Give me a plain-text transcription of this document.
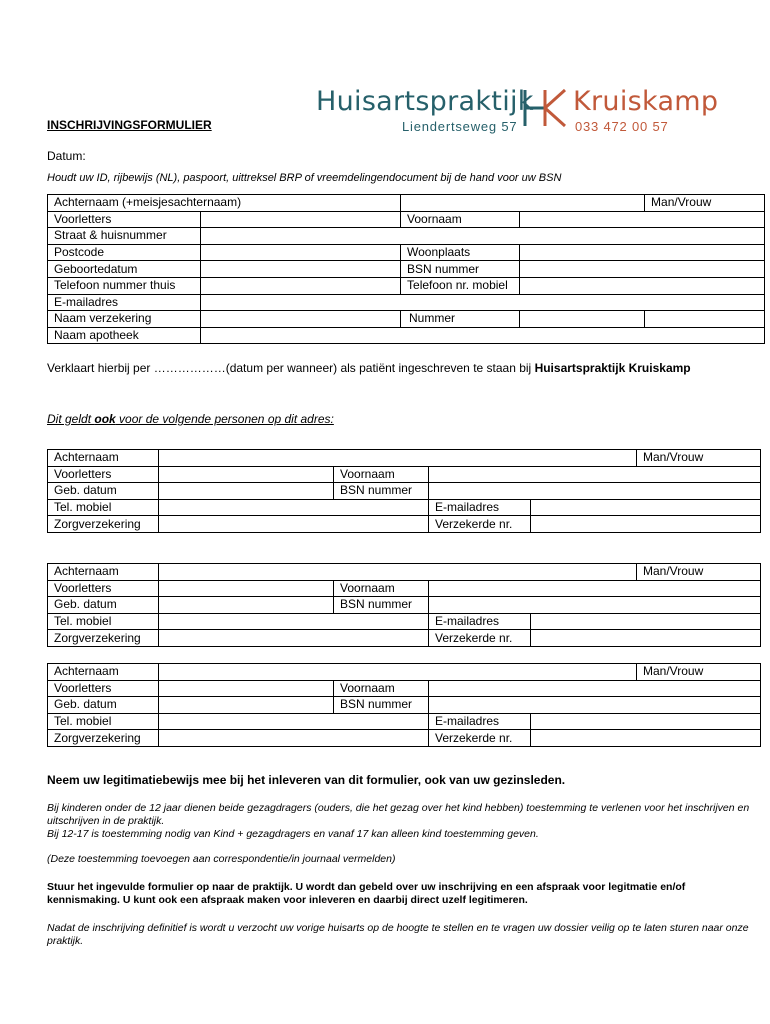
Huisartspraktijk Kruiskamp
Liendertseweg 57	033 472 00 57
INSCHRIJVINGSFORMULIER
Datum:
Houdt uw ID, rijbewijs (NL), paspoort, uittreksel BRP of vreemdelingendocument bij de hand voor uw BSN
Achternaam (+meisjesachternaam)				Man/Vrouw
Voorletters		Voornaam		
Straat & huisnummer				
Postcode		Woonplaats		
Geboortedatum		BSN nummer		
Telefoon nummer thuis		Telefoon nr. mobiel		
E-mailadres				
Naam verzekering		Nummer		
Naam apotheek				
Verklaart hierbij per ………………(datum per wanneer) als patiënt ingeschreven te staan bij Huisartspraktijk Kruiskamp
Dit geldt ook voor de volgende personen op dit adres:
Achternaam					Man/Vrouw
Voorletters		Voornaam			
Geb. datum		BSN nummer			
Tel. mobiel			E-mailadres		
Zorgverzekering			Verzekerde nr.		
Achternaam					Man/Vrouw
Voorletters		Voornaam			
Geb. datum		BSN nummer			
Tel. mobiel			E-mailadres		
Zorgverzekering			Verzekerde nr.		
Achternaam					Man/Vrouw
Voorletters		Voornaam			
Geb. datum		BSN nummer			
Tel. mobiel			E-mailadres		
Zorgverzekering			Verzekerde nr.		
Neem uw legitimatiebewijs mee bij het inleveren van dit formulier, ook van uw gezinsleden.
Bij kinderen onder de 12 jaar dienen beide gezagdragers (ouders, die het gezag over het kind hebben) toestemming te verlenen voor het inschrijven en uitschrijven in de praktijk.
Bij 12-17 is toestemming nodig van Kind + gezagdragers en vanaf 17 kan alleen kind toestemming geven.
(Deze toestemming toevoegen aan correspondentie/in journaal vermelden)
Stuur het ingevulde formulier op naar de praktijk. U wordt dan gebeld over uw inschrijving en een afspraak voor legitmatie en/of kennismaking. U kunt ook een afspraak maken voor inleveren en daarbij direct uzelf legitimeren.
Nadat de inschrijving definitief is wordt u verzocht uw vorige huisarts op de hoogte te stellen en te vragen uw dossier veilig op te laten sturen naar onze praktijk.
